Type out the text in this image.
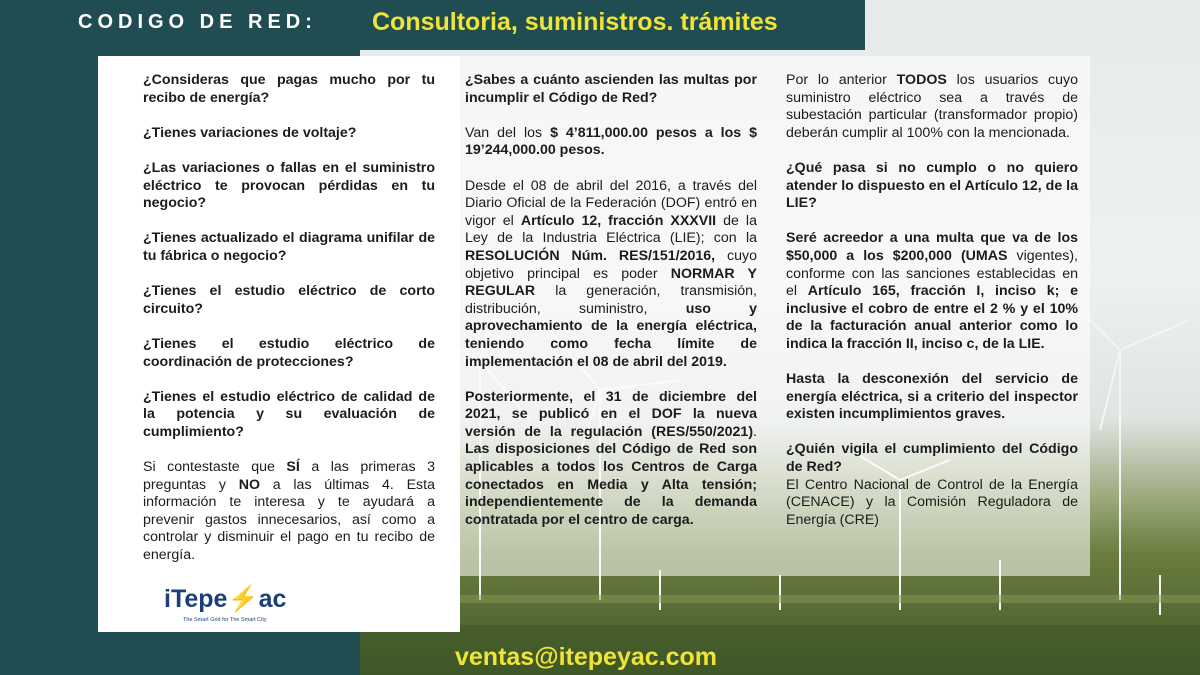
CODIGO DE RED: Consultoria, suministros. trámites

¿Consideras que pagas mucho por tu recibo de energía?

¿Tienes variaciones de voltaje?

¿Las variaciones o fallas en el suministro eléctrico te provocan pérdidas en tu negocio?

¿Tienes actualizado el diagrama unifilar de tu fábrica o negocio?

¿Tienes el estudio eléctrico de corto circuito?

¿Tienes el estudio eléctrico de coordinación de protecciones?

¿Tienes el estudio eléctrico de calidad de la potencia y su evaluación de cumplimiento?

Si contestaste que SÍ a las primeras 3 preguntas y NO a las últimas 4. Esta información te interesa y te ayudará a prevenir gastos innecesarios, así como a controlar y disminuir el pago en tu recibo de energía.

¿Sabes a cuánto ascienden las multas por incumplir el Código de Red?

Van del los $ 4’811,000.00 pesos a los $ 19’244,000.00 pesos.

Desde el 08 de abril del 2016, a través del Diario Oficial de la Federación (DOF) entró en vigor el Artículo 12, fracción XXXVII de la Ley de la Industria Eléctrica (LIE); con la RESOLUCIÓN Núm. RES/151/2016, cuyo objetivo principal es poder NORMAR Y REGULAR la generación, transmisión, distribución, suministro, uso y aprovechamiento de la energía eléctrica, teniendo como fecha límite de implementación el 08 de abril del 2019.

Posteriormente, el 31 de diciembre del 2021, se publicó en el DOF la nueva versión de la regulación (RES/550/2021). Las disposiciones del Código de Red son aplicables a todos los Centros de Carga conectados en Media y Alta tensión; independientemente de la demanda contratada por el centro de carga.

Por lo anterior TODOS los usuarios cuyo suministro eléctrico sea a través de subestación particular (transformador propio) deberán cumplir al 100% con la mencionada.

¿Qué pasa si no cumplo o no quiero atender lo dispuesto en el Artículo 12, de la LIE?

Seré acreedor a una multa que va de los $50,000 a los $200,000 (UMAS vigentes), conforme con las sanciones establecidas en el Artículo 165, fracción I, inciso k; e inclusive el cobro de entre el 2 % y el 10% de la facturación anual anterior como lo indica la fracción II, inciso c, de la LIE.

Hasta la desconexión del servicio de energía eléctrica, si a criterio del inspector existen incumplimientos graves.

¿Quién vigila el cumplimiento del Código de Red?
El Centro Nacional de Control de la Energía (CENACE) y la Comisión Reguladora de Energía (CRE)

iTepe⚡ac
The Smart Grid for The Smart City
ventas@itepeyac.com
